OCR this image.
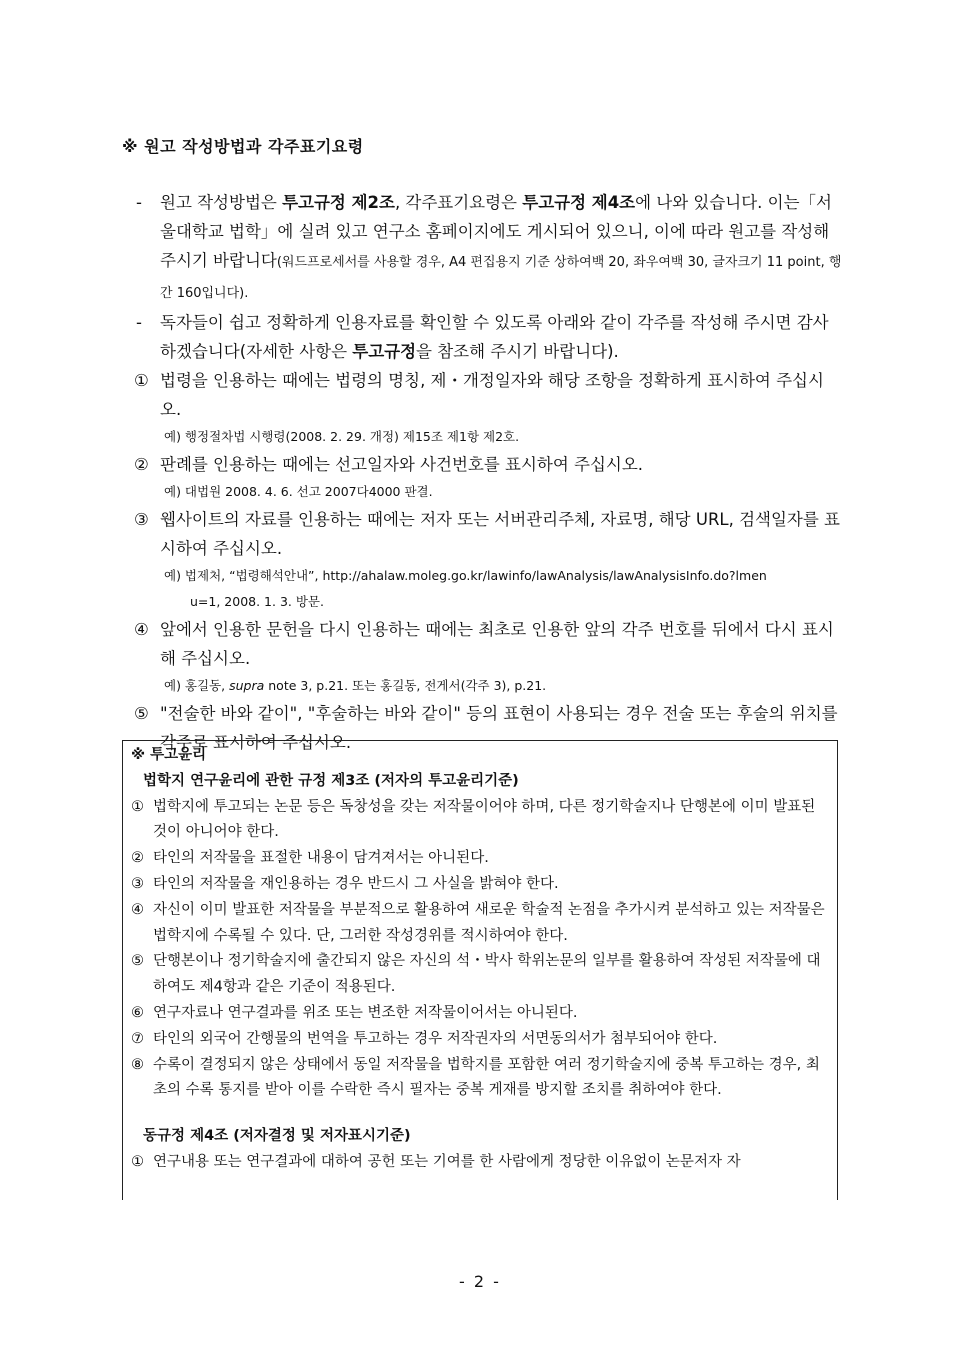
※ 원고 작성방법과 각주표기요령

- 원고 작성방법은 투고규정 제2조, 각주표기요령은 투고규정 제4조에 나와 있습니다. 이는「서울대학교 법학」에 실려 있고 연구소 홈페이지에도 게시되어 있으니, 이에 따라 원고를 작성해 주시기 바랍니다(워드프로세서를 사용할 경우, A4 편집용지 기준 상하여백 20, 좌우여백 30, 글자크기 11 point, 행간 160입니다).

- 독자들이 쉽고 정확하게 인용자료를 확인할 수 있도록 아래와 같이 각주를 작성해 주시면 감사하겠습니다(자세한 사항은 투고규정을 참조해 주시기 바랍니다).

① 법령을 인용하는 때에는 법령의 명칭, 제・개정일자와 해당 조항을 정확하게 표시하여 주십시오.

예) 행정절차법 시행령(2008. 2. 29. 개정) 제15조 제1항 제2호.

② 판례를 인용하는 때에는 선고일자와 사건번호를 표시하여 주십시오.

예) 대법원 2008. 4. 6. 선고 2007다4000 판결.

③ 웹사이트의 자료를 인용하는 때에는 저자 또는 서버관리주체, 자료명, 해당 URL, 검색일자를 표시하여 주십시오.

예) 법제처, “법령해석안내”, http://ahalaw.moleg.go.kr/lawinfo/lawAnalysis/lawAnalysisInfo.do?lmen
u=1, 2008. 1. 3. 방문.

④ 앞에서 인용한 문헌을 다시 인용하는 때에는 최초로 인용한 앞의 각주 번호를 뒤에서 다시 표시해 주십시오.

예) 홍길동, supra note 3, p.21. 또는 홍길동, 전게서(각주 3), p.21.

⑤ "전술한 바와 같이", "후술하는 바와 같이" 등의 표현이 사용되는 경우 전술 또는 후술의 위치를 각주로 표시하여 주십시오.

※ 투고윤리
법학지 연구윤리에 관한 규정 제3조 (저자의 투고윤리기준)

① 법학지에 투고되는 논문 등은 독창성을 갖는 저작물이어야 하며, 다른 정기학술지나 단행본에 이미 발표된 것이 아니어야 한다.

② 타인의 저작물을 표절한 내용이 담겨져서는 아니된다.

③ 타인의 저작물을 재인용하는 경우 반드시 그 사실을 밝혀야 한다.

④ 자신이 이미 발표한 저작물을 부분적으로 활용하여 새로운 학술적 논점을 추가시켜 분석하고 있는 저작물은 법학지에 수록될 수 있다. 단, 그러한 작성경위를 적시하여야 한다.

⑤ 단행본이나 정기학술지에 출간되지 않은 자신의 석・박사 학위논문의 일부를 활용하여 작성된 저작물에 대하여도 제4항과 같은 기준이 적용된다.

⑥ 연구자료나 연구결과를 위조 또는 변조한 저작물이어서는 아니된다.

⑦ 타인의 외국어 간행물의 번역을 투고하는 경우 저작권자의 서면동의서가 첨부되어야 한다.

⑧ 수록이 결정되지 않은 상태에서 동일 저작물을 법학지를 포함한 여러 정기학술지에 중복 투고하는 경우, 최초의 수록 통지를 받아 이를 수락한 즉시 필자는 중복 게재를 방지할 조치를 취하여야 한다.

동규정 제4조 (저자결정 및 저자표시기준)

① 연구내용 또는 연구결과에 대하여 공헌 또는 기여를 한 사람에게 정당한 이유없이 논문저자 자

- 2 -
